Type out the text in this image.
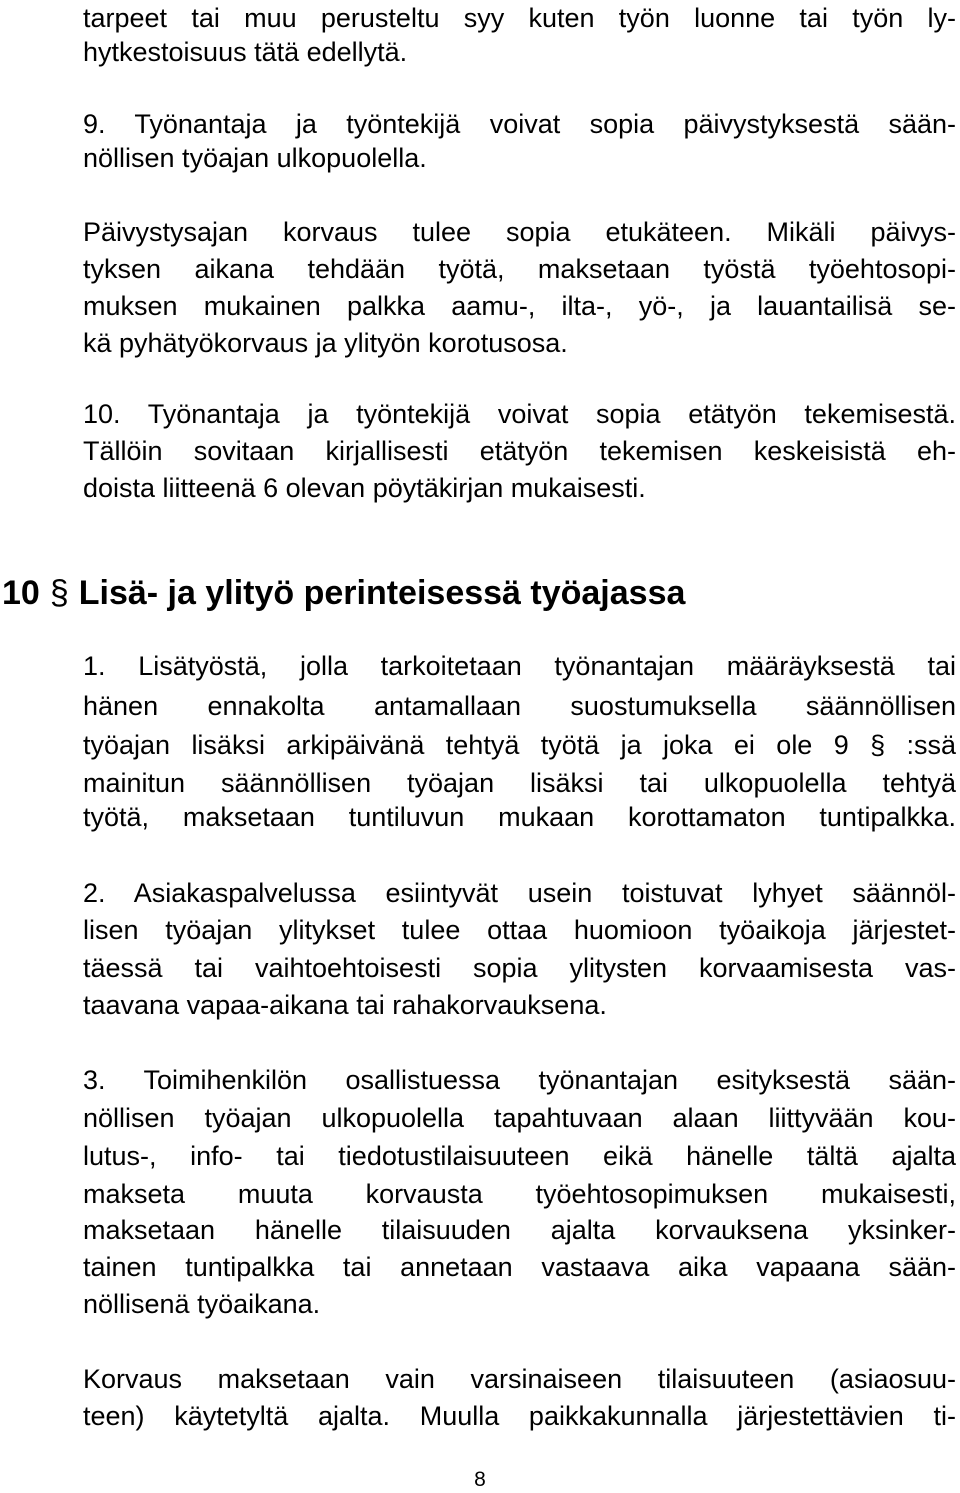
tarpeet tai muu perusteltu syy kuten työn luonne tai työn ly-
hytkestoisuus tätä edellytä.
9. Työnantaja ja työntekijä voivat sopia päivystyksestä sään-
nöllisen työajan ulkopuolella.
Päivystysajan korvaus tulee sopia etukäteen. Mikäli päivys-
tyksen aikana tehdään työtä, maksetaan työstä työehtosopi-
muksen mukainen palkka aamu-, ilta-, yö-, ja lauantailisä se-
kä pyhätyökorvaus ja ylityön korotusosa.
10. Työnantaja ja työntekijä voivat sopia etätyön tekemisestä.
Tällöin sovitaan kirjallisesti etätyön tekemisen keskeisistä eh-
doista liitteenä 6 olevan pöytäkirjan mukaisesti.
10 § Lisä- ja ylityö perinteisessä työajassa
1. Lisätyöstä, jolla tarkoitetaan työnantajan määräyksestä tai
hänen ennakolta antamallaan suostumuksella säännöllisen
työajan lisäksi arkipäivänä tehtyä työtä ja joka ei ole 9 § :ssä
mainitun säännöllisen työajan lisäksi tai ulkopuolella tehtyä
työtä, maksetaan tuntiluvun mukaan korottamaton tuntipalkka.
2. Asiakaspalvelussa esiintyvät usein toistuvat lyhyet säännöl-
lisen työajan ylitykset tulee ottaa huomioon työaikoja järjestet-
täessä tai vaihtoehtoisesti sopia ylitysten korvaamisesta vas-
taavana vapaa-aikana tai rahakorvauksena.
3. Toimihenkilön osallistuessa työnantajan esityksestä sään-
nöllisen työajan ulkopuolella tapahtuvaan alaan liittyvään kou-
lutus-, info- tai tiedotustilaisuuteen eikä hänelle tältä ajalta
makseta muuta korvausta työehtosopimuksen mukaisesti,
maksetaan hänelle tilaisuuden ajalta korvauksena yksinker-
tainen tuntipalkka tai annetaan vastaava aika vapaana sään-
nöllisenä työaikana.
Korvaus maksetaan vain varsinaiseen tilaisuuteen (asiaosuu-
teen) käytetyltä ajalta. Muulla paikkakunnalla järjestettävien ti-
8
